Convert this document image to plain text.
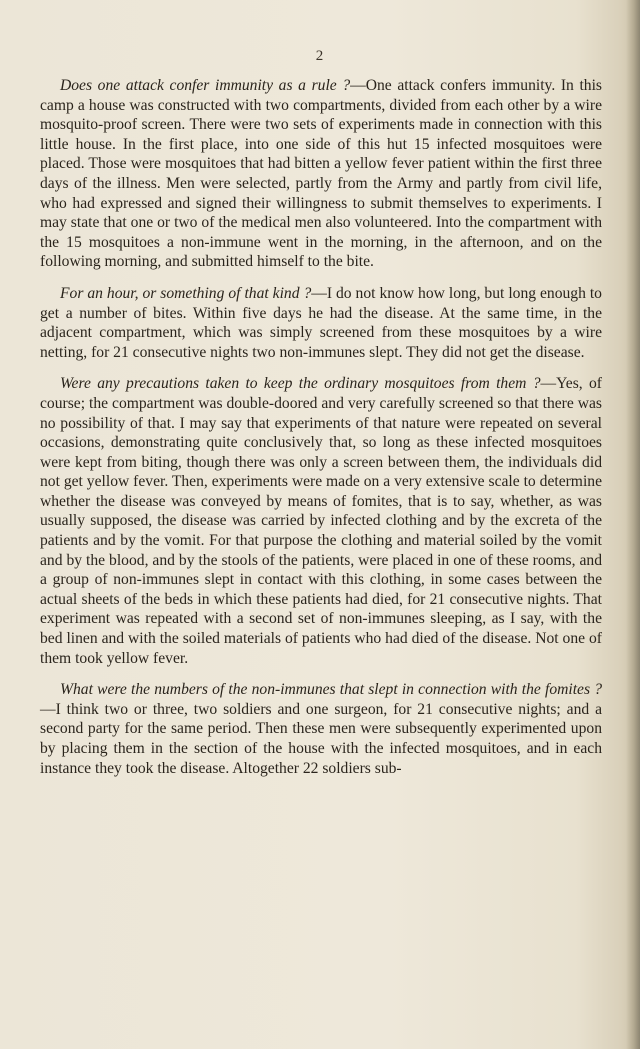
2

Does one attack confer immunity as a rule ?—One attack confers immunity. In this camp a house was constructed with two compartments, divided from each other by a wire mosquito-proof screen. There were two sets of experiments made in connection with this little house. In the first place, into one side of this hut 15 infected mosquitoes were placed. Those were mosquitoes that had bitten a yellow fever patient within the first three days of the illness. Men were selected, partly from the Army and partly from civil life, who had expressed and signed their willingness to submit themselves to experiments. I may state that one or two of the medical men also volunteered. Into the compartment with the 15 mosquitoes a non-immune went in the morning, in the afternoon, and on the following morning, and submitted himself to the bite.

For an hour, or something of that kind ?—I do not know how long, but long enough to get a number of bites. Within five days he had the disease. At the same time, in the adjacent compartment, which was simply screened from these mosquitoes by a wire netting, for 21 consecutive nights two non-immunes slept. They did not get the disease.

Were any precautions taken to keep the ordinary mosquitoes from them ?—Yes, of course; the compartment was double-doored and very carefully screened so that there was no possibility of that. I may say that experiments of that nature were repeated on several occasions, demonstrating quite conclusively that, so long as these infected mosquitoes were kept from biting, though there was only a screen between them, the individuals did not get yellow fever. Then, experiments were made on a very extensive scale to determine whether the disease was conveyed by means of fomites, that is to say, whether, as was usually supposed, the disease was carried by infected clothing and by the excreta of the patients and by the vomit. For that purpose the clothing and material soiled by the vomit and by the blood, and by the stools of the patients, were placed in one of these rooms, and a group of non-immunes slept in contact with this clothing, in some cases between the actual sheets of the beds in which these patients had died, for 21 consecutive nights. That experiment was repeated with a second set of non-immunes sleeping, as I say, with the bed linen and with the soiled materials of patients who had died of the disease. Not one of them took yellow fever.

What were the numbers of the non-immunes that slept in connection with the fomites ?—I think two or three, two soldiers and one surgeon, for 21 consecutive nights; and a second party for the same period. Then these men were subsequently experimented upon by placing them in the section of the house with the infected mosquitoes, and in each instance they took the disease. Altogether 22 soldiers sub-
